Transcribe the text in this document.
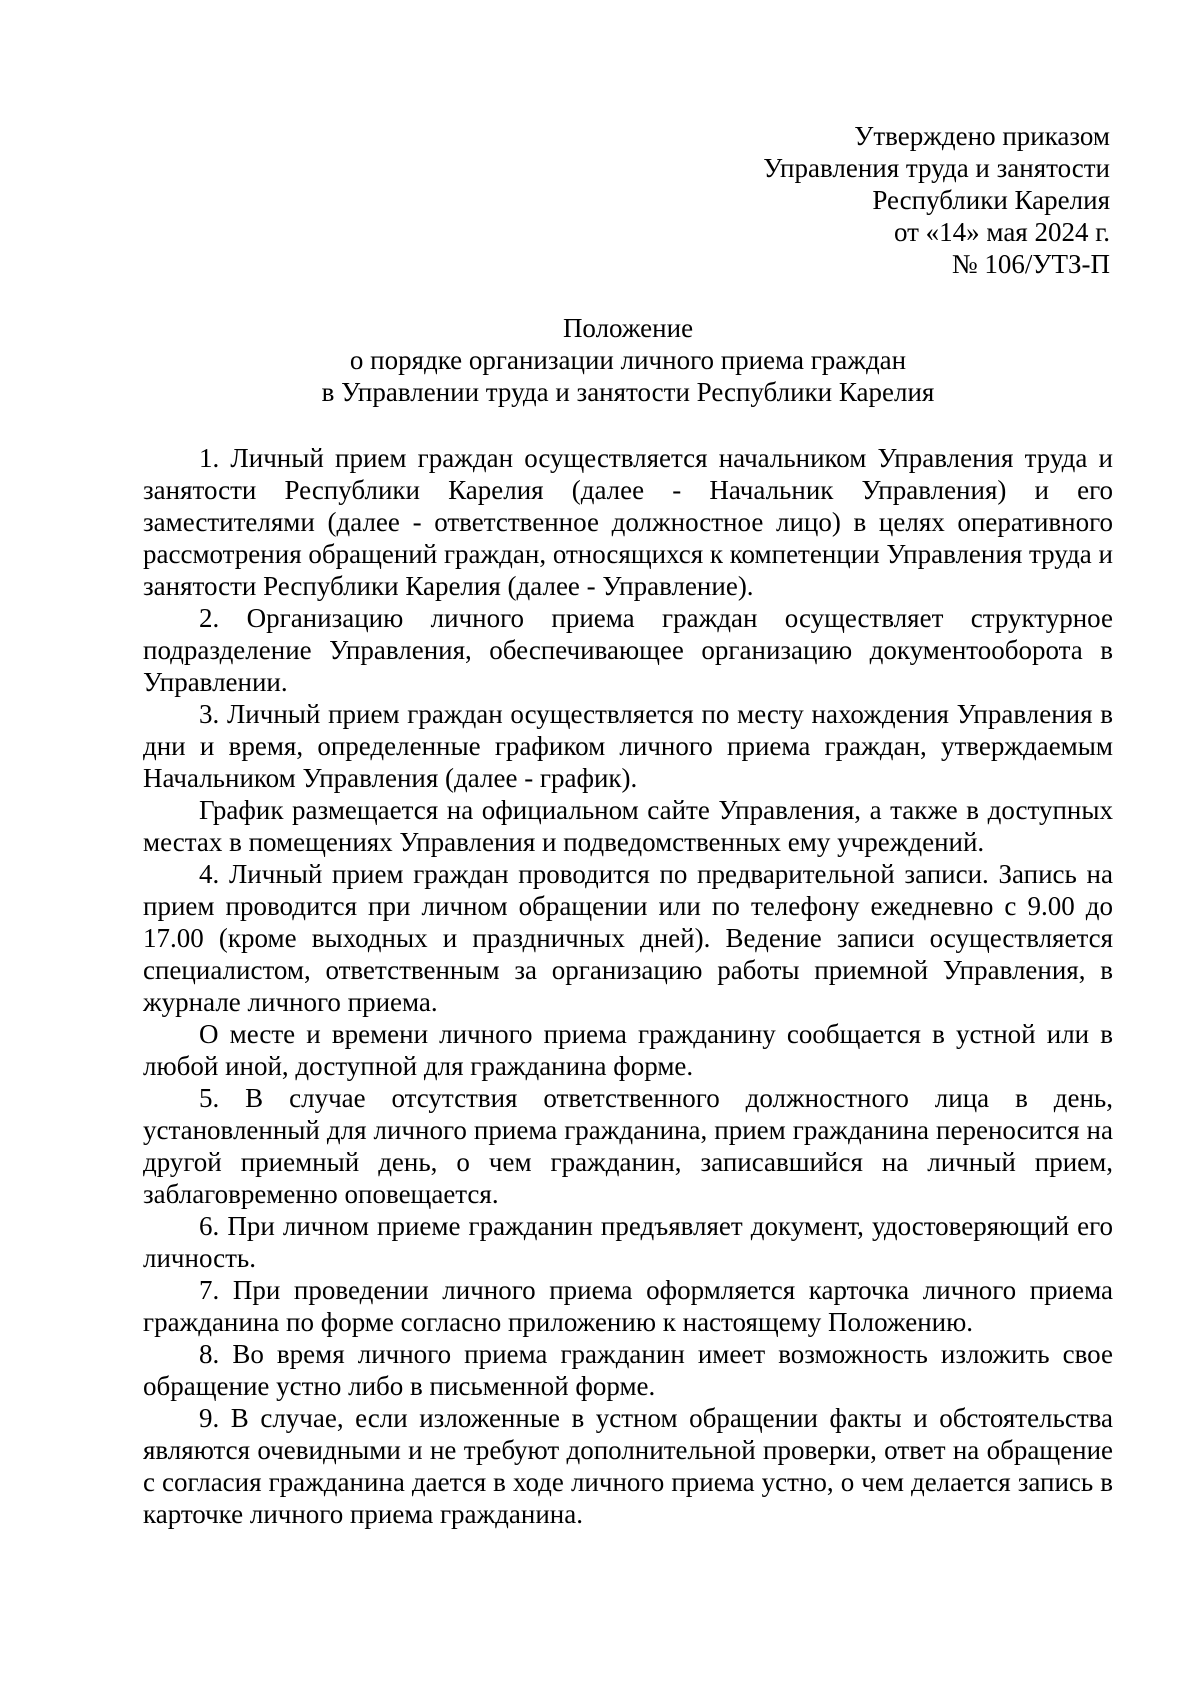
Утверждено приказом
Управления труда и занятости
Республики Карелия
от «14» мая 2024 г.
№ 106/УТЗ-П
Положение
о порядке организации личного приема граждан
в Управлении труда и занятости Республики Карелия

1. Личный прием граждан осуществляется начальником Управления труда и занятости Республики Карелия (далее - Начальник Управления) и его заместителями (далее - ответственное должностное лицо) в целях оперативного рассмотрения обращений граждан, относящихся к компетенции Управления труда и занятости Республики Карелия (далее - Управление).

2. Организацию личного приема граждан осуществляет структурное подразделение Управления, обеспечивающее организацию документооборота в Управлении.

3. Личный прием граждан осуществляется по месту нахождения Управления в дни и время, определенные графиком личного приема граждан, утверждаемым Начальником Управления (далее - график).

График размещается на официальном сайте Управления, а также в доступных местах в помещениях Управления и подведомственных ему учреждений.

4. Личный прием граждан проводится по предварительной записи. Запись на прием проводится при личном обращении или по телефону ежедневно с 9.00 до 17.00 (кроме выходных и праздничных дней). Ведение записи осуществляется специалистом, ответственным за организацию работы приемной Управления, в журнале личного приема.

О месте и времени личного приема гражданину сообщается в устной или в любой иной, доступной для гражданина форме.

5. В случае отсутствия ответственного должностного лица в день, установленный для личного приема гражданина, прием гражданина переносится на другой приемный день, о чем гражданин, записавшийся на личный прием, заблаговременно оповещается.

6. При личном приеме гражданин предъявляет документ, удостоверяющий его личность.

7. При проведении личного приема оформляется карточка личного приема гражданина по форме согласно приложению к настоящему Положению.

8. Во время личного приема гражданин имеет возможность изложить свое обращение устно либо в письменной форме.

9. В случае, если изложенные в устном обращении факты и обстоятельства являются очевидными и не требуют дополнительной проверки, ответ на обращение с согласия гражданина дается в ходе личного приема устно, о чем делается запись в карточке личного приема гражданина.
